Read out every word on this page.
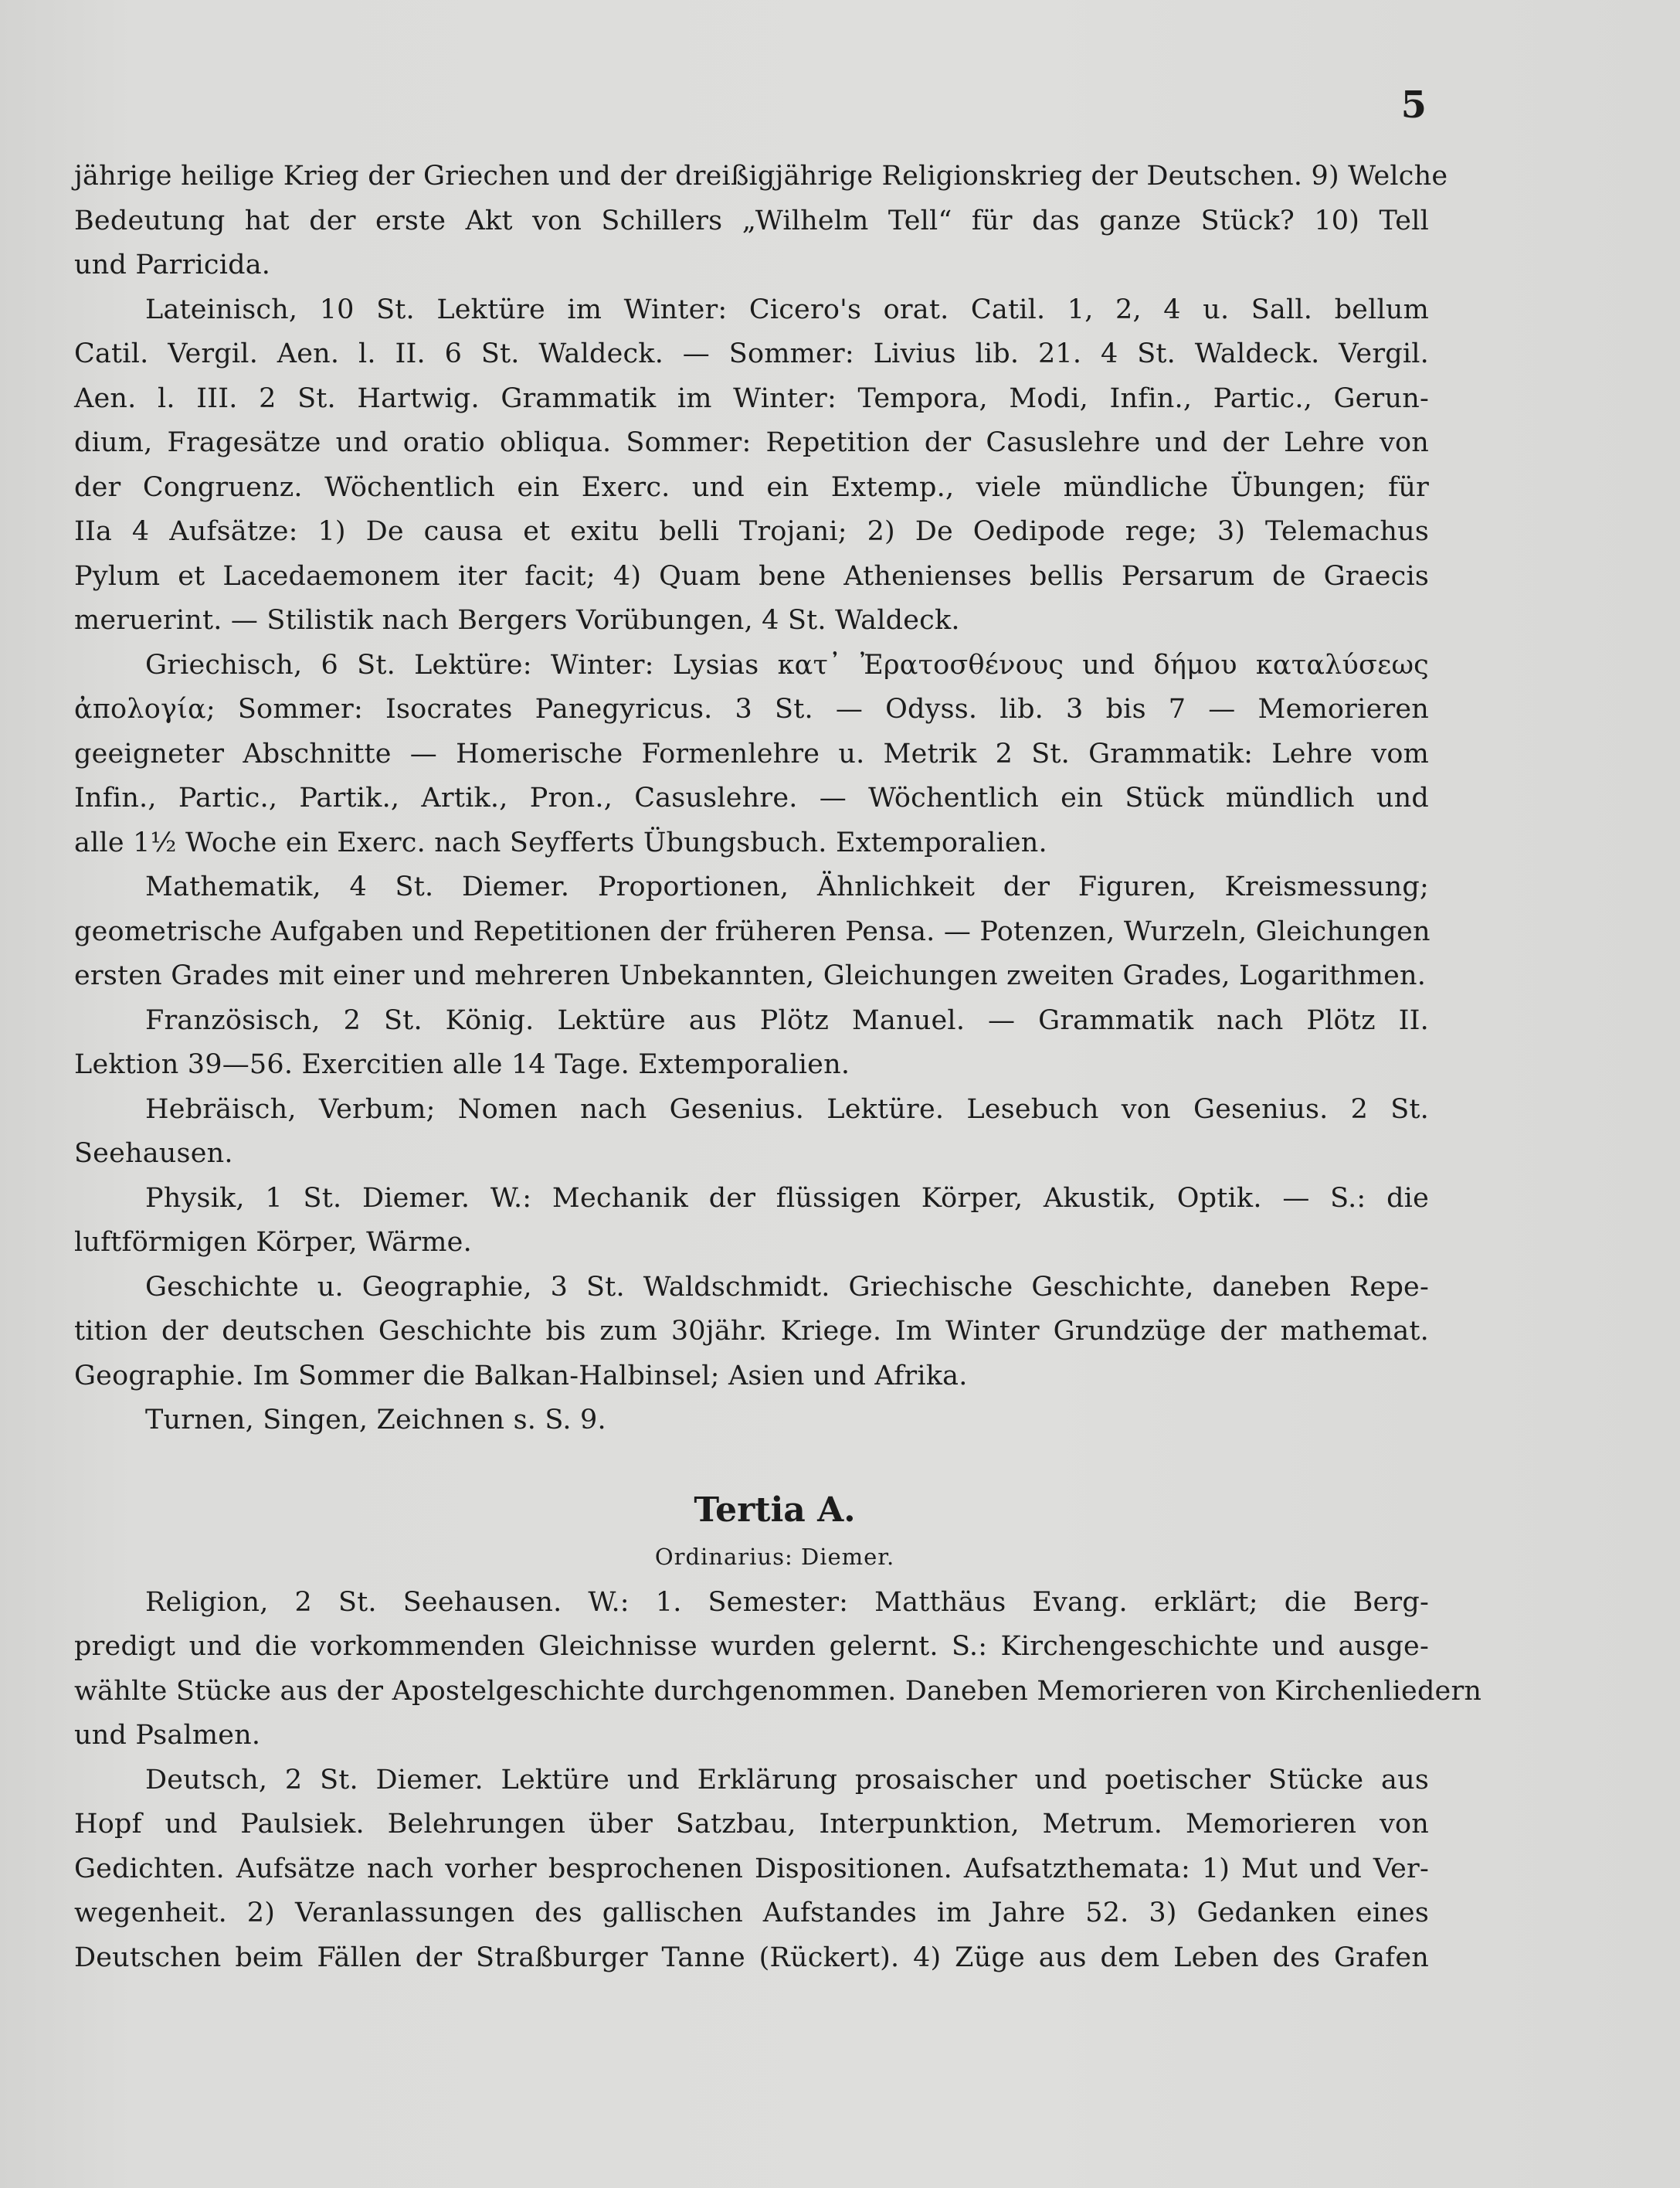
5
jährige heilige Krieg der Griechen und der dreißigjährige Religionskrieg der Deutschen. 9) Welche
Bedeutung hat der erste Akt von Schillers „Wilhelm Tell“ für das ganze Stück? 10) Tell
und Parricida.
Lateinisch, 10 St. Lektüre im Winter: Cicero's orat. Catil. 1, 2, 4 u. Sall. bellum
Catil. Vergil. Aen. l. II. 6 St. Waldeck. — Sommer: Livius lib. 21. 4 St. Waldeck. Vergil.
Aen. l. III. 2 St. Hartwig. Grammatik im Winter: Tempora, Modi, Infin., Partic., Gerun-
dium, Fragesätze und oratio obliqua. Sommer: Repetition der Casuslehre und der Lehre von
der Congruenz. Wöchentlich ein Exerc. und ein Extemp., viele mündliche Übungen; für
IIa 4 Aufsätze: 1) De causa et exitu belli Trojani; 2) De Oedipode rege; 3) Telemachus
Pylum et Lacedaemonem iter facit; 4) Quam bene Athenienses bellis Persarum de Graecis
meruerint. — Stilistik nach Bergers Vorübungen, 4 St. Waldeck.
Griechisch, 6 St. Lektüre: Winter: Lysias κατ᾽ Ἐρατοσθένους und δήμου καταλύσεως
ἀπολογία; Sommer: Isocrates Panegyricus. 3 St. — Odyss. lib. 3 bis 7 — Memorieren
geeigneter Abschnitte — Homerische Formenlehre u. Metrik 2 St. Grammatik: Lehre vom
Infin., Partic., Partik., Artik., Pron., Casuslehre. — Wöchentlich ein Stück mündlich und
alle 1½ Woche ein Exerc. nach Seyfferts Übungsbuch. Extemporalien.
Mathematik, 4 St. Diemer. Proportionen, Ähnlichkeit der Figuren, Kreismessung;
geometrische Aufgaben und Repetitionen der früheren Pensa. — Potenzen, Wurzeln, Gleichungen
ersten Grades mit einer und mehreren Unbekannten, Gleichungen zweiten Grades, Logarithmen.
Französisch, 2 St. König. Lektüre aus Plötz Manuel. — Grammatik nach Plötz II.
Lektion 39—56. Exercitien alle 14 Tage. Extemporalien.
Hebräisch, Verbum; Nomen nach Gesenius. Lektüre. Lesebuch von Gesenius. 2 St.
Seehausen.
Physik, 1 St. Diemer. W.: Mechanik der flüssigen Körper, Akustik, Optik. — S.: die
luftförmigen Körper, Wärme.
Geschichte u. Geographie, 3 St. Waldschmidt. Griechische Geschichte, daneben Repe-
tition der deutschen Geschichte bis zum 30jähr. Kriege. Im Winter Grundzüge der mathemat.
Geographie. Im Sommer die Balkan-Halbinsel; Asien und Afrika.
Turnen, Singen, Zeichnen s. S. 9.
Tertia A.
Ordinarius: Diemer.
Religion, 2 St. Seehausen. W.: 1. Semester: Matthäus Evang. erklärt; die Berg-
predigt und die vorkommenden Gleichnisse wurden gelernt. S.: Kirchengeschichte und ausge-
wählte Stücke aus der Apostelgeschichte durchgenommen. Daneben Memorieren von Kirchenliedern
und Psalmen.
Deutsch, 2 St. Diemer. Lektüre und Erklärung prosaischer und poetischer Stücke aus
Hopf und Paulsiek. Belehrungen über Satzbau, Interpunktion, Metrum. Memorieren von
Gedichten. Aufsätze nach vorher besprochenen Dispositionen. Aufsatzthemata: 1) Mut und Ver-
wegenheit. 2) Veranlassungen des gallischen Aufstandes im Jahre 52. 3) Gedanken eines
Deutschen beim Fällen der Straßburger Tanne (Rückert). 4) Züge aus dem Leben des Grafen
